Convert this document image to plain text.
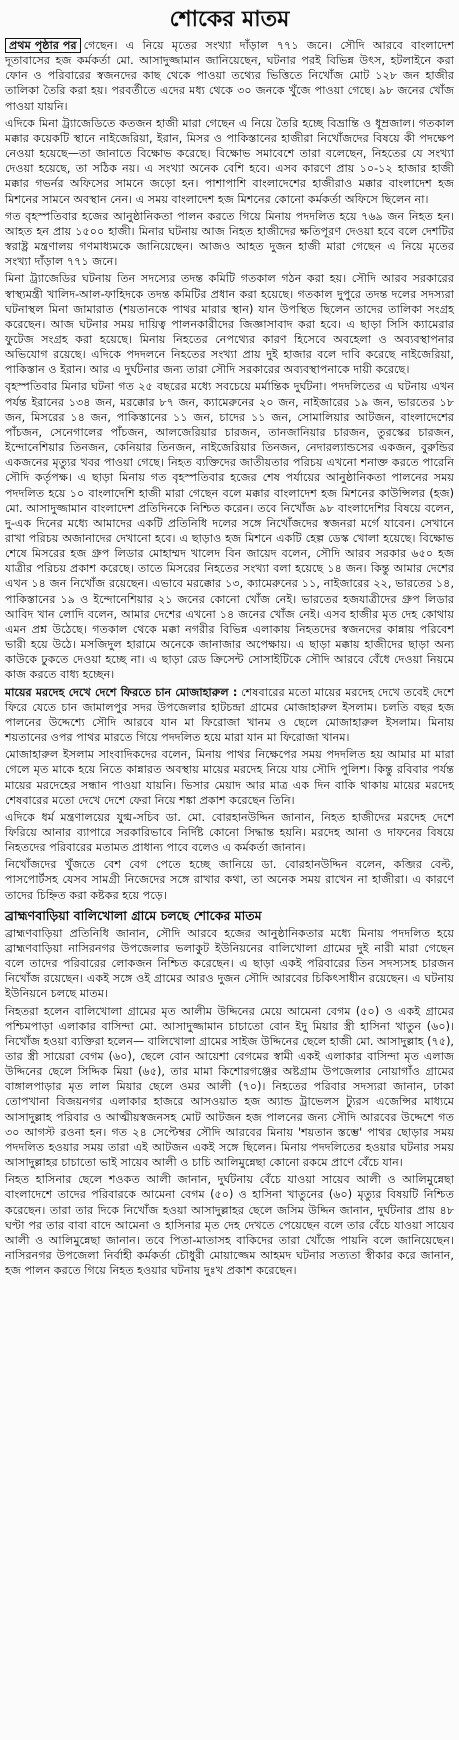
শোকের মাতম

প্রথম পৃষ্ঠার পর গেছেন। এ নিয়ে মৃতের সংখ্যা দাঁড়াল ৭৭১ জনে। সৌদি আরবে বাংলাদেশ দূতাবাসের হজ কর্মকর্তা মো. আসাদুজ্জামান জানিয়েছেন, ঘটনার পরই বিভিন্ন উৎস, হটলাইনে করা ফোন ও পরিবারের স্বজনদের কাছ থেকে পাওয়া তথ্যের ভিত্তিতে নিখোঁজ মোট ১২৮ জন হাজীর তালিকা তৈরি করা হয়। পরবর্তীতে এদের মধ্য থেকে ৩০ জনকে খুঁজে পাওয়া গেছে। ৯৮ জনের খোঁজ পাওয়া যায়নি।

এদিকে মিনা ট্র্যাজেডিতে কতজন হাজী মারা গেছেন এ নিয়ে তৈরি হচ্ছে বিভ্রান্তি ও ধূম্রজাল। গতকাল মক্কার কয়েকটি স্থানে নাইজেরিয়া, ইরান, মিসর ও পাকিস্তানের হাজীরা নিখোঁজদের বিষয়ে কী পদক্ষেপ নেওয়া হয়েছে—তা জানাতে বিক্ষোভ করেছে। বিক্ষোভ সমাবেশে তারা বলেছেন, নিহতের যে সংখ্যা দেওয়া হয়েছে, তা সঠিক নয়। এ সংখ্যা অনেক বেশি হবে। এসব কারণে প্রায় ১০-১২ হাজার হাজী মক্কার গভর্নর অফিসের সামনে জড়ো হন। পাশাপাশি বাংলাদেশের হাজীরাও মক্কার বাংলাদেশ হজ মিশনের সামনে অবস্থান নেন। এ সময় বাংলাদেশ হজ মিশনের কোনো কর্মকর্তা অফিসে ছিলেন না।

গত বৃহস্পতিবার হজের আনুষ্ঠানিকতা পালন করতে গিয়ে মিনায় পদদলিত হয়ে ৭৬৯ জন নিহত হন। আহত হন প্রায় ১৫০০ হাজী। মিনার ঘটনায় আজ নিহত হাজীদের ক্ষতিপূরণ দেওয়া হবে বলে দেশটির স্বরাষ্ট্র মন্ত্রণালয় গণমাধ্যমকে জানিয়েছেন। আজও আহত দুজন হাজী মারা গেছেন এ নিয়ে মৃতের সংখ্যা দাঁড়াল ৭৭১ জনে।

মিনা ট্র্যাজেডির ঘটনায় তিন সদস্যের তদন্ত কমিটি গতকাল গঠন করা হয়। সৌদি আরব সরকারের স্বাস্থ্যমন্ত্রী খালিদ-আল-ফাহিদকে তদন্ত কমিটির প্রধান করা হয়েছে। গতকাল দুপুরে তদন্ত দলের সদস্যরা ঘটনাস্থল মিনা জামারাত (শয়তানকে পাথর মারার স্থান) যান উপস্থিত ছিলেন তাদের তালিকা সংগ্রহ করেছেন। আজ ঘটনার সময় দায়িত্ব পালনকারীদের জিজ্ঞাসাবাদ করা হবে। এ ছাড়া সিসি ক্যামেরার ফুটেজ সংগ্রহ করা হয়েছে। মিনায় নিহতের নেপথ্যের কারণ হিসেবে অবহেলা ও অব্যবস্থাপনার অভিযোগ রয়েছে। এদিকে পদদলনে নিহতের সংখ্যা প্রায় দুই হাজার বলে দাবি করেছে নাইজেরিয়া, পাকিস্তান ও ইরান। আর এ দুর্ঘটনার জন্য তারা সৌদি সরকারের অব্যবস্থাপনাকে দায়ী করেছে।

বৃহস্পতিবার মিনার ঘটনা গত ২৫ বছরের মধ্যে সবচেয়ে মর্মান্তিক দুর্ঘটনা। পদদলিতের এ ঘটনায় এখন পর্যন্ত ইরানের ১৩৪ জন, মরক্কোর ৮৭ জন, ক্যামেরুনের ২০ জন, নাইজারের ১৯ জন, ভারতের ১৮ জন, মিসরের ১৪ জন, পাকিস্তানের ১১ জন, চাদের ১১ জন, সোমালিয়ার আটজন, বাংলাদেশের পাঁচজন, সেনেগালের পাঁচজন, আলজেরিয়ার চারজন, তানজানিয়ার চারজন, তুরস্কের চারজন, ইন্দোনেশিয়ার তিনজন, কেনিয়ার তিনজন, নাইজেরিয়ার তিনজন, নেদারল্যান্ডসের একজন, বুরুন্ডির একজনের মৃত্যুর খবর পাওয়া গেছে। নিহত ব্যক্তিদের জাতীয়তার পরিচয় এখনো শনাক্ত করতে পারেনি সৌদি কর্তৃপক্ষ। এ ছাড়া মিনায় গত বৃহস্পতিবার হজের শেষ পর্যায়ের আনুষ্ঠানিকতা পালনের সময় পদদলিত হয়ে ১০ বাংলাদেশি হাজী মারা গেছেন বলে মক্কার বাংলাদেশ হজ মিশনের কাউন্সিলর (হজ) মো. আসাদুজ্জামান বাংলাদেশ প্রতিদিনকে নিশ্চিত করেন। তবে নিখোঁজ ৯৮ বাংলাদেশির বিষয়ে বলেন, দু-এক দিনের মধ্যে আমাদের একটি প্রতিনিধি দলের সঙ্গে নিখোঁজদের স্বজনরা মর্গে যাবেন। সেখানে রাখা পরিচয় অজানাদের দেখানো হবে। এ ছাড়াও হজ মিশনে একটি হেল্প ডেস্ক খোলা হয়েছে। বিক্ষোভ শেষে মিসরের হজ গ্রুপ লিডার মোহাম্মদ খালেদ বিন জায়েদ বলেন, সৌদি আরব সরকার ৬৫০ হজ যাত্রীর পরিচয় প্রকাশ করেছে। তাতে মিসরের নিহতের সংখ্যা বলা হয়েছে ১৪ জন। কিন্তু আমার দেশের এখন ১৪ জন নিখোঁজ রয়েছেন। এভাবে মরক্কোর ১৩, ক্যামেরুনের ১১, নাইজারের ২২, ভারতের ১৪, পাকিস্তানের ১৯ ও ইন্দোনেশিয়ার ২১ জনের কোনো খোঁজ নেই। ভারতের হজযাত্রীদের গ্রুপ লিডার আবিদ খান লোদি বলেন, আমার দেশের এখনো ১৪ জনের খোঁজ নেই। এসব হাজীর মৃত দেহ কোথায় এমন প্রশ্ন উঠেছে। গতকাল থেকে মক্কা নগরীর বিভিন্ন এলাকায় নিহতদের স্বজনদের কান্নায় পরিবেশ ভারী হয়ে উঠে। মসজিদুল হারামে অনেকে জানাজার অপেক্ষায়। এ ছাড়া মক্কায় হাজীদের ছাড়া অন্য কাউকে ঢুকতে দেওয়া হচ্ছে না। এ ছাড়া রেড ক্রিসেন্ট সোসাইটিকে সৌদি আরবে বেঁধে দেওয়া নিয়মে কাজ করতে বাধ্য হচ্ছেন।

মায়ের মরদেহ দেখে দেশে ফিরতে চান মোজাহারুল : শেষবারের মতো মায়ের মরদেহ দেখে তবেই দেশে ফিরে যেতে চান জামালপুর সদর উপজেলার হাটচন্দ্রা গ্রামের মোজাহারুল ইসলাম। চলতি বছর হজ পালনের উদ্দেশ্যে সৌদি আরবে যান মা ফিরোজা খানম ও ছেলে মোজাহারুল ইসলাম। মিনায় শয়তানের ওপর পাথর মারতে গিয়ে পদদলিত হয়ে মারা যান মা ফিরোজা খানম।

মোজাহারুল ইসলাম সাংবাদিকদের বলেন, মিনায় পাথর নিক্ষেপের সময় পদদলিত হয় আমার মা মারা গেলে মৃত মাকে হয়ে নিতে কান্নারত অবস্থায় মায়ের মরদেহ নিয়ে যায় সৌদি পুলিশ। কিন্তু রবিবার পর্যন্ত মায়ের মরদেহের সন্ধান পাওয়া যায়নি। ভিসার মেয়াদ আর মাত্র এক দিন বাকি থাকায় মায়ের মরদেহ শেষবারের মতো দেখে দেশে ফেরা নিয়ে শঙ্কা প্রকাশ করেছেন তিনি।

এদিকে ধর্ম মন্ত্রণালয়ের যুগ্ম-সচিব ডা. মো. বোরহানউদ্দিন জানান, নিহত হাজীদের মরদেহ দেশে ফিরিয়ে আনার ব্যাপারে সরকারিভাবে নির্দিষ্ট কোনো সিদ্ধান্ত হয়নি। মরদেহ আনা ও দাফনের বিষয়ে নিহতদের পরিবারের মতামত প্রাধান্য পাবে বলেও এ কর্মকর্তা জানান।

নিখোঁজদের খুঁজতে বেশ বেগ পেতে হচ্ছে জানিয়ে ডা. বোরহানউদ্দিন বলেন, কব্জির বেল্ট, পাসপোর্টসহ যেসব সামগ্রী নিজেদের সঙ্গে রাখার কথা, তা অনেক সময় রাখেন না হাজীরা। এ কারণে তাদের চিহ্নিত করা কষ্টকর হয়ে পড়ে।

ব্রাহ্মণবাড়িয়া বালিখোলা গ্রামে চলছে শোকের মাতম

ব্রাহ্মণবাড়িয়া প্রতিনিধি জানান, সৌদি আরবে হজের আনুষ্ঠানিকতার মধ্যে মিনায় পদদলিত হয়ে ব্রাহ্মণবাড়িয়া নাসিরনগর উপজেলার ভলাকুট ইউনিয়নের বালিখোলা গ্রামের দুই নারী মারা গেছেন বলে তাদের পরিবারের লোকজন নিশ্চিত করেছেন। এ ছাড়া একই পরিবারের তিন সদস্যসহ চারজন নিখোঁজ রয়েছেন। একই সঙ্গে ওই গ্রামের আরও দুজন সৌদি আরবের চিকিৎসাধীন রয়েছেন। এ ঘটনায় ইউনিয়নে চলছে মাতম।

নিহতরা হলেন বালিখোলা গ্রামের মৃত আলীম উদ্দিনের মেয়ে আমেনা বেগম (৫০) ও একই গ্রামের পশ্চিমপাড়া এলাকার বাসিন্দা মো. আসাদুজ্জামান চাচাতো বোন ইদু মিয়ার স্ত্রী হাসিনা খাতুন (৬০)। নিখোঁজ হওয়া ব্যক্তিরা হলেন— বালিখোলা গ্রামের সাইজ উদ্দিনের ছেলে হাজী মো. আসাদুল্লাহ (৭৫), তার স্ত্রী সায়েরা বেগম (৬০), ছেলে বোন আয়েশা বেগমের স্বামী একই এলাকার বাসিন্দা মৃত এলাজ উদ্দিনের ছেলে সিদ্দিক মিয়া (৬৫), তার মামা কিশোরগঞ্জের অষ্টগ্রাম উপজেলার নোয়াগাঁও গ্রামের বাঙ্গালপাড়ার মৃত লাল মিয়ার ছেলে ওমর আলী (৭০)। নিহতের পরিবার সদস্যরা জানান, ঢাকা তোপখানা বিজয়নগর এলাকার হাজরে আসওয়াত হজ অ্যান্ড ট্রাভেলস ট্যুরস এজেন্সির মাধ্যমে আসাদুল্লাহ পরিবার ও আত্মীয়স্বজনসহ মোট আটজন হজ পালনের জন্য সৌদি আরবের উদ্দেশে গত ৩০ আগস্ট রওনা হন। গত ২৪ সেপ্টেম্বর সৌদি আরবের মিনায় 'শয়তান স্তম্ভে' পাথর ছোড়ার সময় পদদলিত হওয়ার সময় তারা এই আটজন একই সঙ্গে ছিলেন। মিনায় পদদলিতের হওয়ার ঘটনার সময় আসাদুল্লাহর চাচাতো ভাই সায়েব আলী ও চাচি আলিমুন্নেছা কোনো রকমে প্রাণে বেঁচে যান।

নিহত হাসিনার ছেলে শওকত আলী জানান, দুর্ঘটনায় বেঁচে যাওয়া সায়েব আলী ও আলিমুন্নেছা বাংলাদেশে তাদের পরিবারকে আমেনা বেগম (৫০) ও হাসিনা খাতুনের (৬০) মৃত্যুর বিষয়টি নিশ্চিত করেছেন। তারা তার দিকে নিখোঁজ হওয়া আসাদুল্লাহর ছেলে জসিম উদ্দিন জানান, দুর্ঘটনার প্রায় ৪৮ ঘণ্টা পর তার বাবা বাদে আমেনা ও হাসিনার মৃত দেহ দেখতে পেয়েছেন বলে তার বেঁচে যাওয়া সায়েব আলী ও আলিমুন্নেছা জানান। তবে পিতা-মাতাসহ বাকিদের তারা খোঁজে পায়নি বলে জানিয়েছেন। নাসিরনগর উপজেলা নির্বাহী কর্মকর্তা চৌধুরী মোয়াজ্জেম আহমদ ঘটনার সত্যতা স্বীকার করে জানান, হজ পালন করতে গিয়ে নিহত হওয়ার ঘটনায় দুঃখ প্রকাশ করেছেন।
